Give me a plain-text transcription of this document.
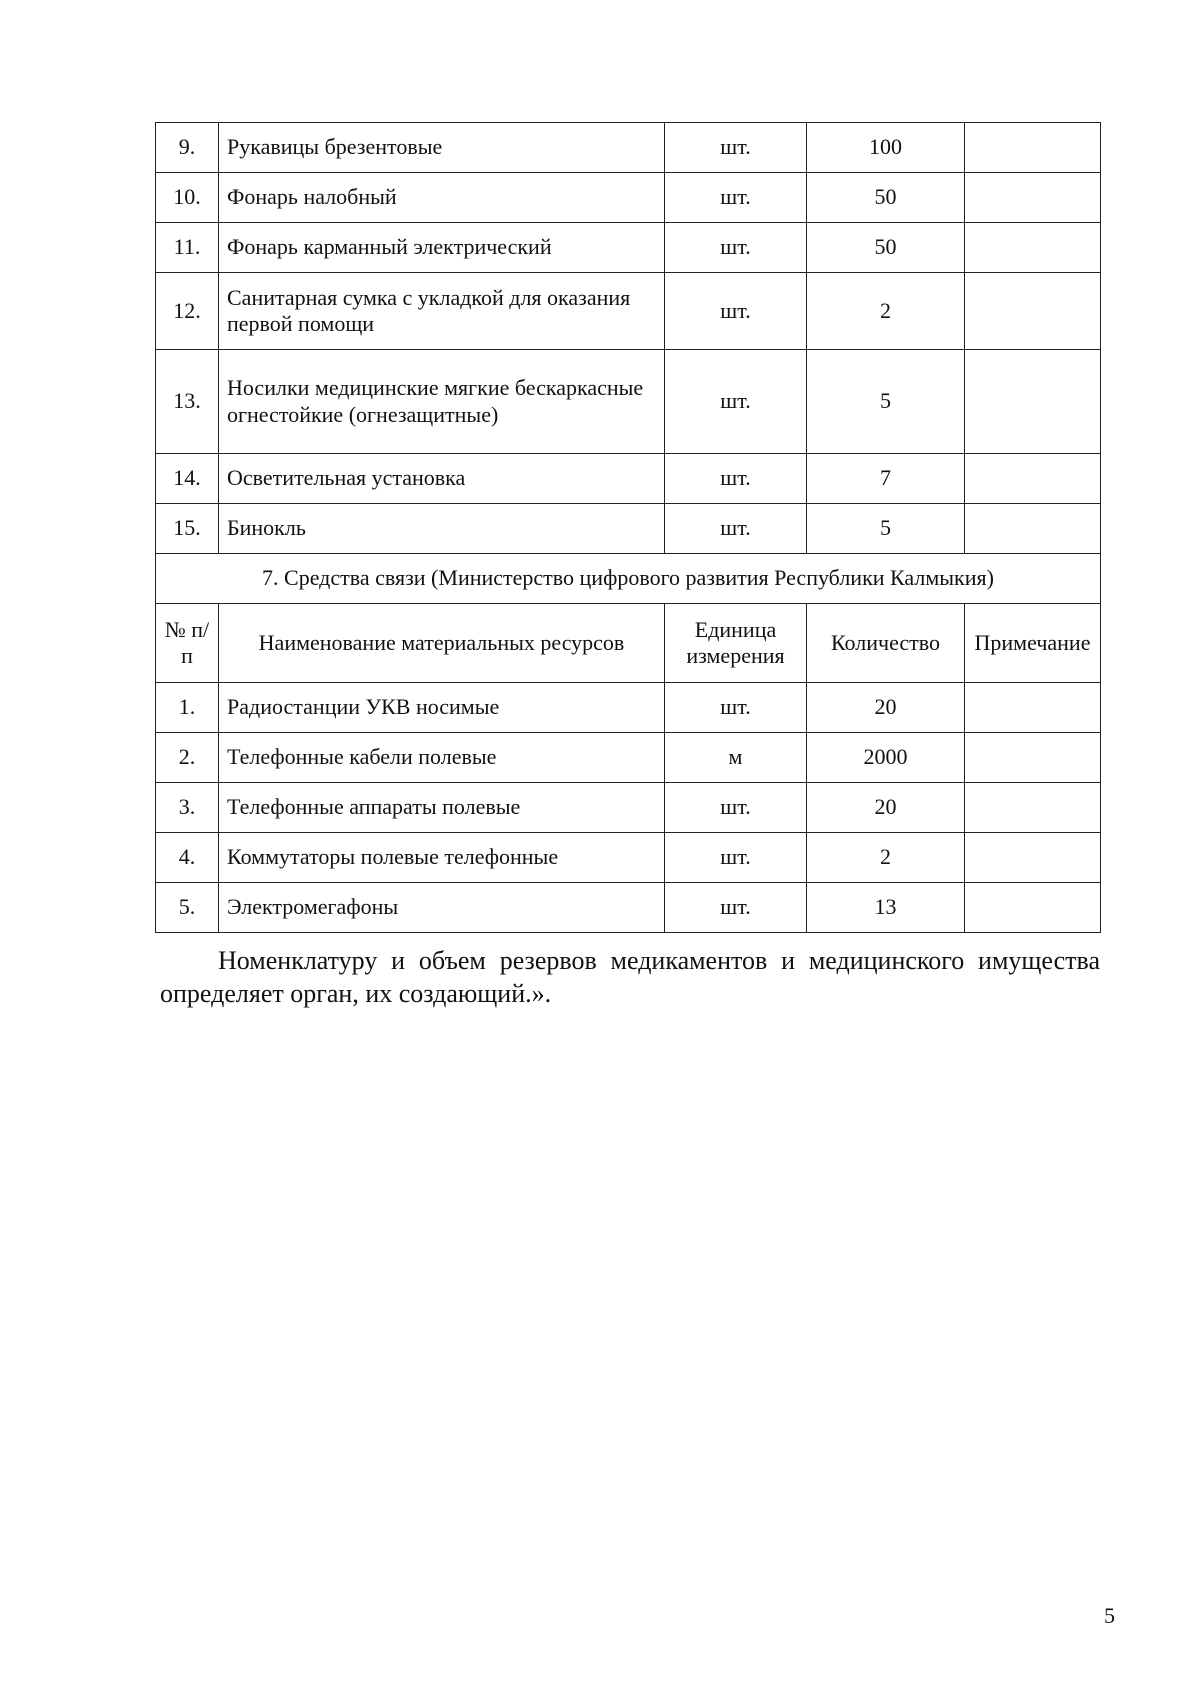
9.	Рукавицы брезентовые	шт.	100	
10.	Фонарь налобный	шт.	50	
11.	Фонарь карманный электрический	шт.	50	
12.	Санитарная сумка с укладкой для оказания первой помощи	шт.	2	
13.	Носилки медицинские мягкие бескаркасные огнестойкие (огнезащитные)	шт.	5	
14.	Осветительная установка	шт.	7	
15.	Бинокль	шт.	5	
7. Средства связи (Министерство цифрового развития Республики Калмыкия)				
№ п/п	Наименование материальных ресурсов	Единица измерения	Количество	Примечание
1.	Радиостанции УКВ носимые	шт.	20	
2.	Телефонные кабели полевые	м	2000	
3.	Телефонные аппараты полевые	шт.	20	
4.	Коммутаторы полевые телефонные	шт.	2	
5.	Электромегафоны	шт.	13	

Номенклатуру и объем резервов медикаментов и медицинского имущества определяет орган, их создающий.».

5
